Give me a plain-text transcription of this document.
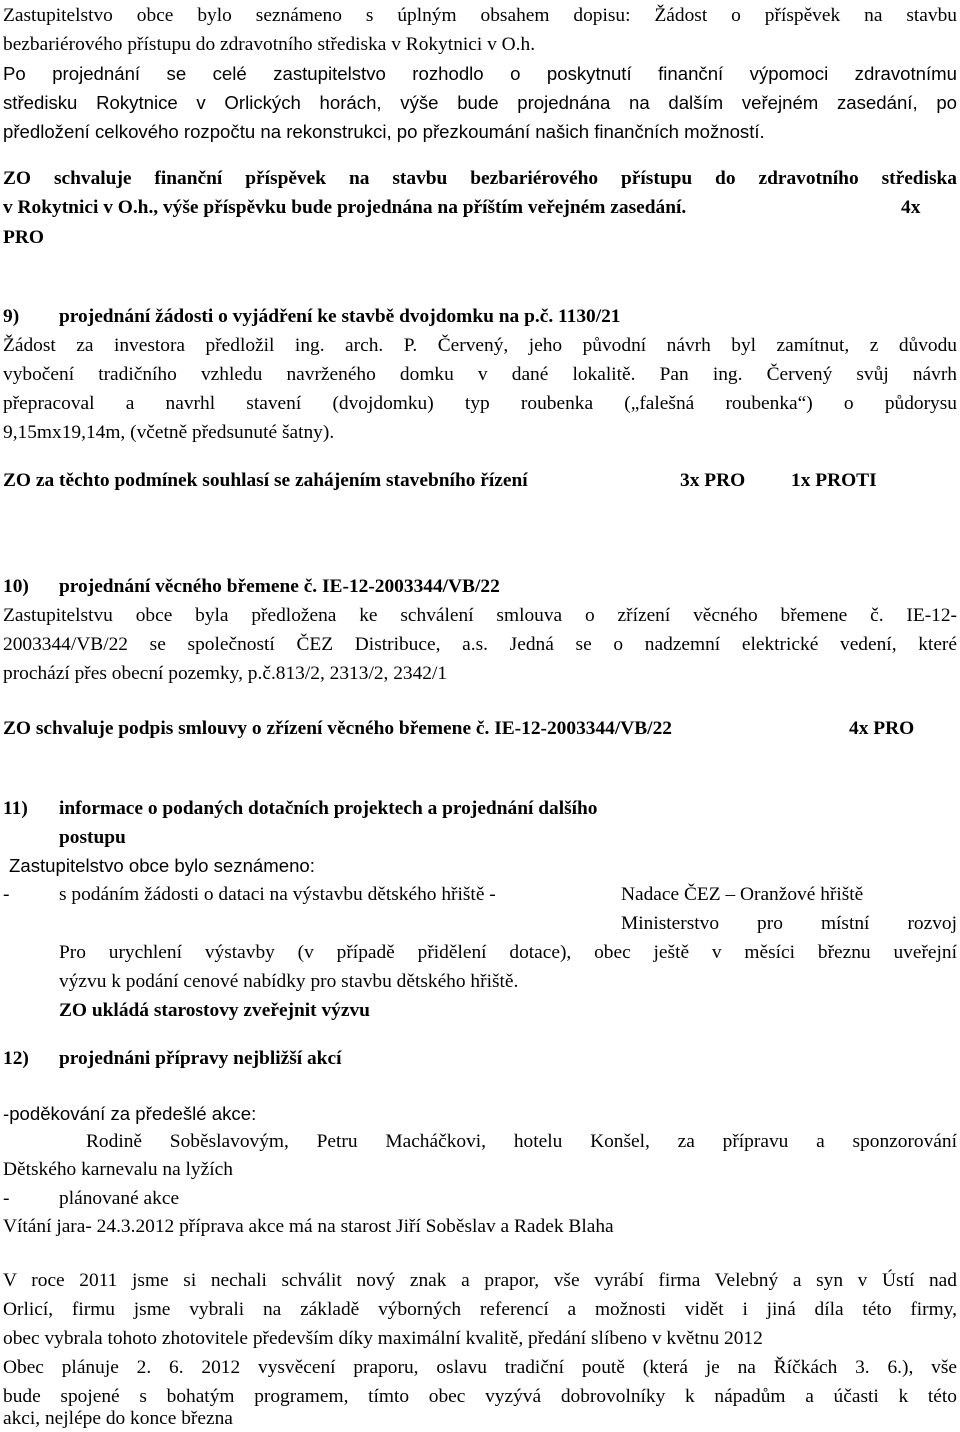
Zastupitelstvo obce bylo seznámeno s úplným obsahem dopisu: Žádost o příspěvek na stavbu
bezbariérového přístupu do zdravotního střediska v Rokytnici v O.h.
Po projednání se celé zastupitelstvo rozhodlo o poskytnutí finanční výpomoci zdravotnímu
středisku Rokytnice v Orlických horách, výše bude projednána na dalším veřejném zasedání, po
předložení celkového rozpočtu na rekonstrukci, po přezkoumání našich finančních možností.
ZO schvaluje finanční příspěvek na stavbu bezbariérového přístupu do zdravotního střediska
v Rokytnici v O.h., výše příspěvku bude projednána na příštím veřejném zasedání.	4x
PRO
9) projednání žádosti o vyjádření ke stavbě dvojdomku na p.č. 1130/21
Žádost za investora předložil ing. arch. P. Červený, jeho původní návrh byl zamítnut, z důvodu
vybočení tradičního vzhledu navrženého domku v dané lokalitě. Pan ing. Červený svůj návrh
přepracoval a navrhl stavení (dvojdomku) typ roubenka („falešná roubenka“) o půdorysu
9,15mx19,14m, (včetně předsunuté šatny).
ZO za těchto podmínek souhlasí se zahájením stavebního řízení	3x PRO 1x PROTI
10) projednání věcného břemene č. IE-12-2003344/VB/22
Zastupitelstvu obce byla předložena ke schválení smlouva o zřízení věcného břemene č. IE-12-
2003344/VB/22 se společností ČEZ Distribuce, a.s. Jedná se o nadzemní elektrické vedení, které
prochází přes obecní pozemky, p.č.813/2, 2313/2, 2342/1
ZO schvaluje podpis smlouvy o zřízení věcného břemene č. IE-12-2003344/VB/22	4x PRO
11) informace o podaných dotačních projektech a projednání dalšího
postupu
Zastupitelstvo obce bylo seznámeno:
-	s podáním žádosti o dataci na výstavbu dětského hřiště -	Nadace ČEZ – Oranžové hřiště
Ministerstvo pro místní rozvoj
Pro urychlení výstavby (v případě přidělení dotace), obec ještě v měsíci březnu uveřejní
výzvu k podání cenové nabídky pro stavbu dětského hřiště.
ZO ukládá starostovy zveřejnit výzvu
12) projednáni přípravy nejbližší akcí
-poděkování za předešlé akce:
Rodině Soběslavovým, Petru Macháčkovi, hotelu Konšel, za přípravu a sponzorování
Dětského karnevalu na lyžích
-	plánované akce
Vítání jara- 24.3.2012 příprava akce má na starost Jiří Soběslav a Radek Blaha
V roce 2011 jsme si nechali schválit nový znak a prapor, vše vyrábí firma Velebný a syn v Ústí nad
Orlicí, firmu jsme vybrali na základě výborných referencí a možnosti vidět i jiná díla této firmy,
obec vybrala tohoto zhotovitele především díky maximální kvalitě, předání slíbeno v květnu 2012
Obec plánuje 2. 6. 2012 vysvěcení praporu, oslavu tradiční poutě (která je na Říčkách 3. 6.), vše
bude spojené s bohatým programem, tímto obec vyzývá dobrovolníky k nápadům a účasti k této
akci, nejlépe do konce března
